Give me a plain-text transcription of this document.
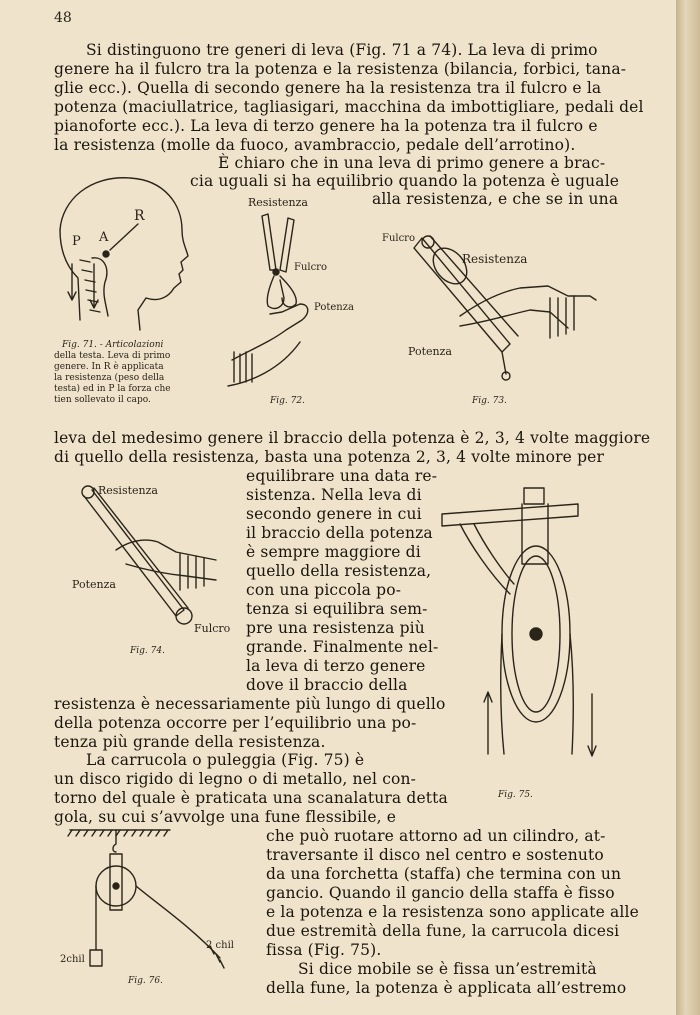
48
Si distinguono tre generi di leva (Fig. 71 a 74). La leva di primo
genere ha il fulcro tra la potenza e la resistenza (bilancia, forbici, tana-
glie ecc.). Quella di secondo genere ha la resistenza tra il fulcro e la
potenza (maciullatrice, tagliasigari, macchina da imbottigliare, pedali del
pianoforte ecc.). La leva di terzo genere ha la potenza tra il fulcro e
la resistenza (molle da fuoco, avambraccio, pedale dell’arrotino).
È chiaro che in una leva di primo genere a brac-
cia uguali si ha equilibrio quando la potenza è uguale
alla resistenza, e che se in una
R
P A
Fig. 71. - Articolazioni
della testa. Leva di primo
genere. In R è applicata
la resistenza (peso della
testa) ed in P la forza che
tien sollevato il capo.
Resistenza
Fulcro
Potenza
Fig. 72.
Fulcro
Resistenza
Potenza
Fig. 73.
leva del medesimo genere il braccio della potenza è 2, 3, 4 volte maggiore
di quello della resistenza, basta una potenza 2, 3, 4 volte minore per
equilibrare una data re-
sistenza. Nella leva di
secondo genere in cui
il braccio della potenza
è sempre maggiore di
quello della resistenza,
con una piccola po-
tenza si equilibra sem-
pre una resistenza più
grande. Finalmente nel-
la leva di terzo genere
dove il braccio della
resistenza è necessariamente più lungo di quello
della potenza occorre per l’equilibrio una po-
tenza più grande della resistenza.
Resistenza
Potenza
Fulcro
Fig. 74.
Fig. 75.
La carrucola o puleggia (Fig. 75) è
un disco rigido di legno o di metallo, nel con-
torno del quale è praticata una scanalatura detta
gola, su cui s’avvolge una fune flessibile, e
che può ruotare attorno ad un cilindro, at-
traversante il disco nel centro e sostenuto
da una forchetta (staffa) che termina con un
gancio. Quando il gancio della staffa è fisso
e la potenza e la resistenza sono applicate alle
due estremità della fune, la carrucola dicesi
fissa (Fig. 75).
Si dice mobile se è fissa un’estremità
della fune, la potenza è applicata all’estremo
2 chil
2chil
Fig. 76.
